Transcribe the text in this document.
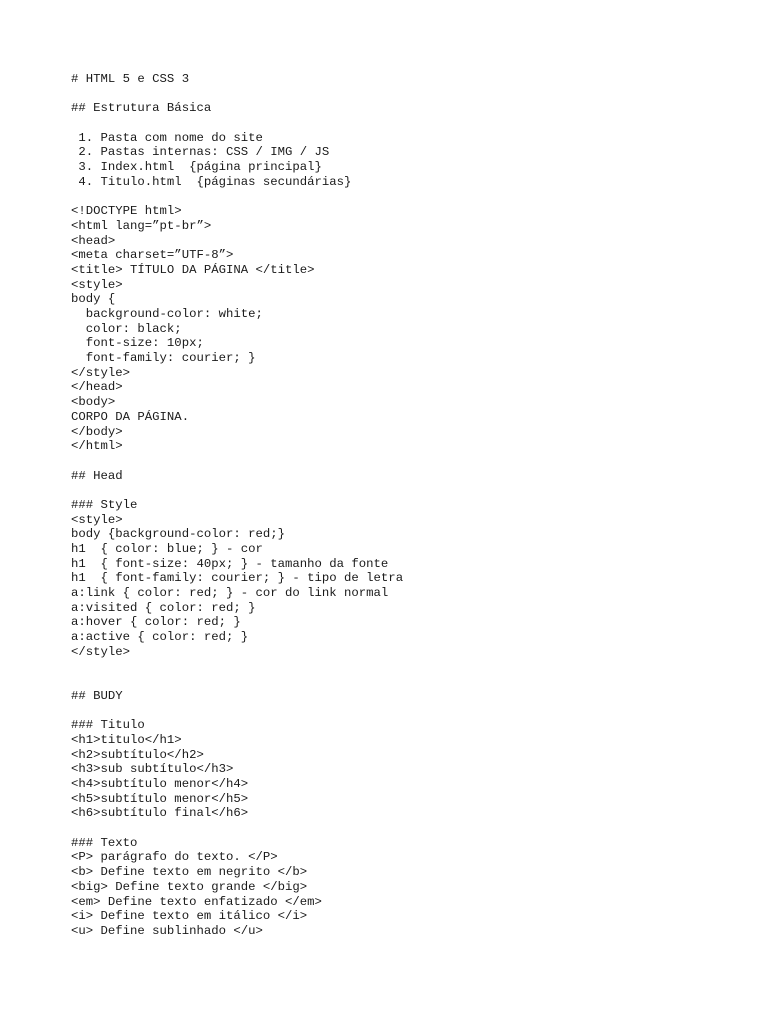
# HTML 5 e CSS 3
## Estrutura Básica
1. Pasta com nome do site
2. Pastas internas: CSS / IMG / JS
3. Index.html  {página principal}
4. Titulo.html  {páginas secundárias}
<!DOCTYPE html>
<html lang=”pt-br”>
<head>
<meta charset=”UTF-8”>
<title> TÍTULO DA PÁGINA </title>
<style>
body {
background-color: white;
color: black;
font-size: 10px;
font-family: courier; }
</style>
</head>
<body>
CORPO DA PÁGINA.
</body>
</html>
## Head
### Style
<style>
body {background-color: red;}
h1  { color: blue; } - cor
h1  { font-size: 40px; } - tamanho da fonte
h1  { font-family: courier; } - tipo de letra
a:link { color: red; } - cor do link normal
a:visited { color: red; }
a:hover { color: red; }
a:active { color: red; }
</style>
## BUDY
### Titulo
<h1>titulo</h1>
<h2>subtítulo</h2>
<h3>sub subtítulo</h3>
<h4>subtítulo menor</h4>
<h5>subtítulo menor</h5>
<h6>subtítulo final</h6>
### Texto
<P> parágrafo do texto. </P>
<b> Define texto em negrito </b>
<big> Define texto grande </big>
<em> Define texto enfatizado </em>
<i> Define texto em itálico </i>
<u> Define sublinhado </u>
